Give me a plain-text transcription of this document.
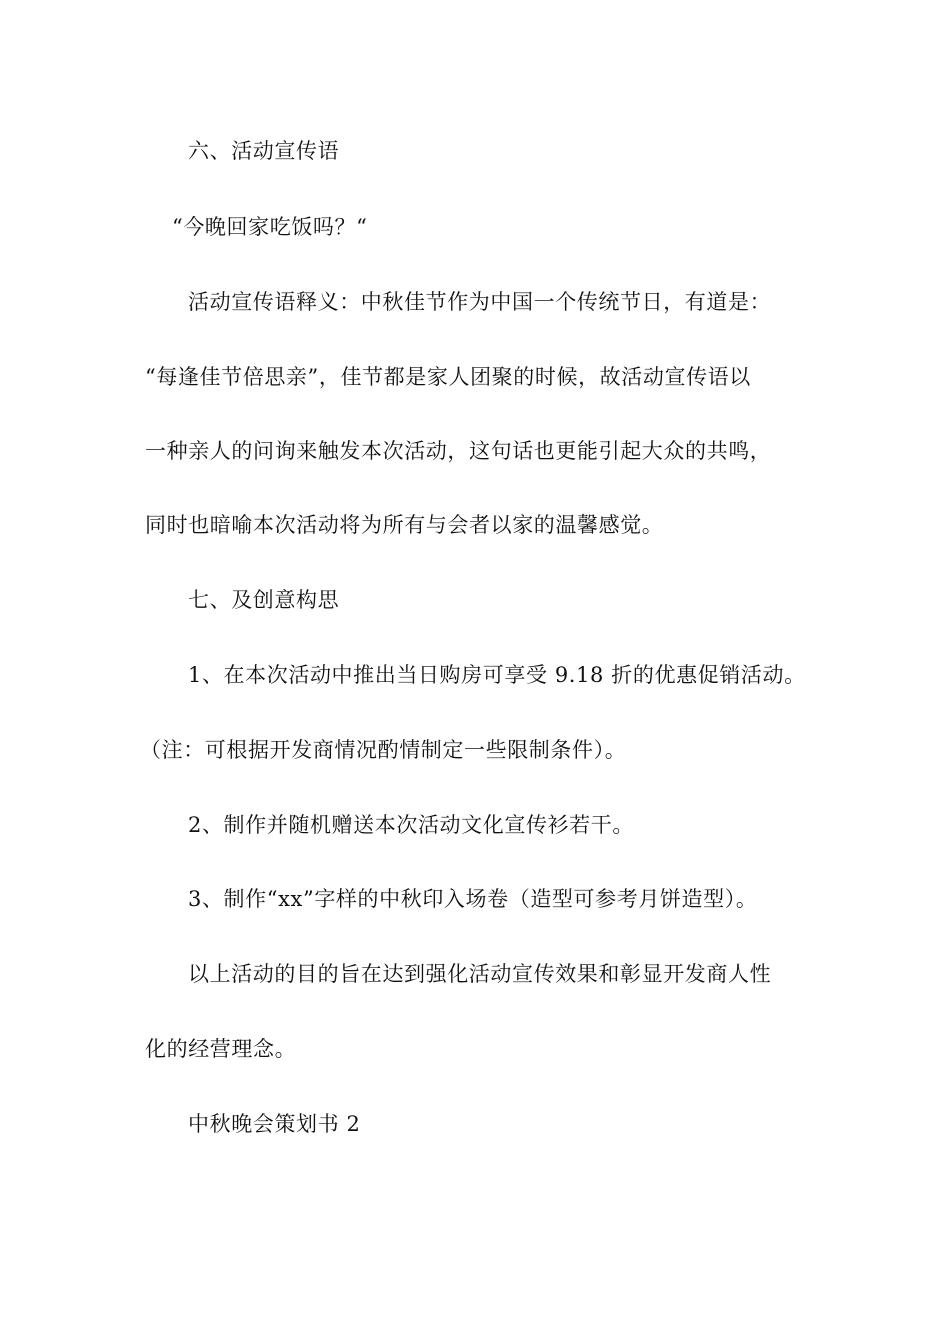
六、活动宣传语
“今晚回家吃饭吗？“
活动宣传语释义：中秋佳节作为中国一个传统节日，有道是：
“每逢佳节倍思亲”，佳节都是家人团聚的时候，故活动宣传语以
一种亲人的问询来触发本次活动，这句话也更能引起大众的共鸣，
同时也暗喻本次活动将为所有与会者以家的温馨感觉。
七、及创意构思
1、在本次活动中推出当日购房可享受 9.18 折的优惠促销活动。
（注：可根据开发商情况酌情制定一些限制条件）。
2、制作并随机赠送本次活动文化宣传衫若干。
3、制作“xx”字样的中秋印入场卷（造型可参考月饼造型）。
以上活动的目的旨在达到强化活动宣传效果和彰显开发商人性
化的经营理念。
中秋晚会策划书 2
